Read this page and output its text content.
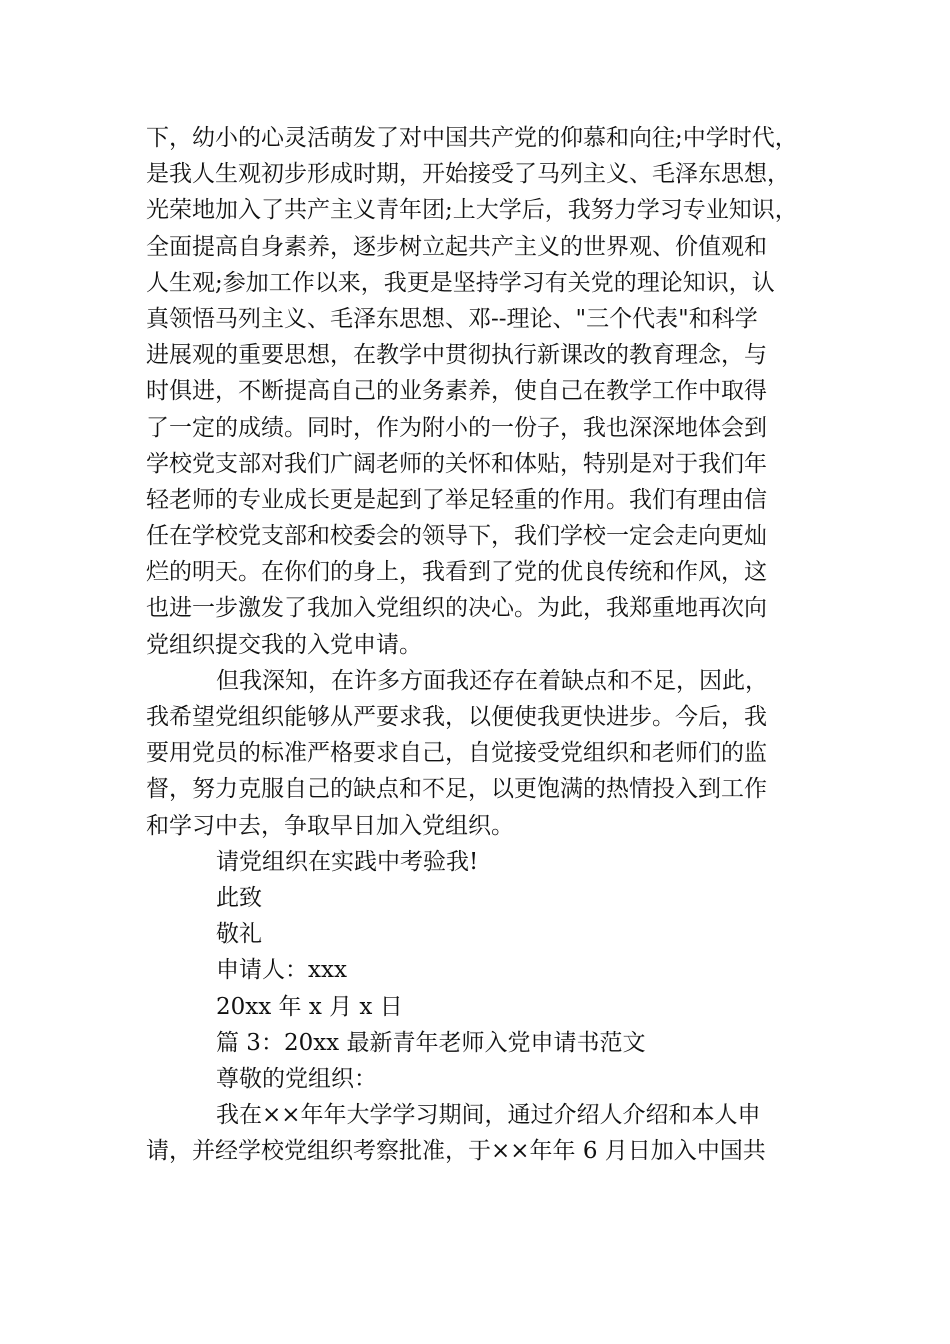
下，幼小的心灵活萌发了对中国共产党的仰慕和向往;中学时代，
是我人生观初步形成时期，开始接受了马列主义、毛泽东思想，
光荣地加入了共产主义青年团;上大学后，我努力学习专业知识，
全面提高自身素养，逐步树立起共产主义的世界观、价值观和
人生观;参加工作以来，我更是坚持学习有关党的理论知识，认
真领悟马列主义、毛泽东思想、邓--理论、"三个代表"和科学
进展观的重要思想，在教学中贯彻执行新课改的教育理念，与
时俱进，不断提高自己的业务素养，使自己在教学工作中取得
了一定的成绩。同时，作为附小的一份子，我也深深地体会到
学校党支部对我们广阔老师的关怀和体贴，特别是对于我们年
轻老师的专业成长更是起到了举足轻重的作用。我们有理由信
任在学校党支部和校委会的领导下，我们学校一定会走向更灿
烂的明天。在你们的身上，我看到了党的优良传统和作风，这
也进一步激发了我加入党组织的决心。为此，我郑重地再次向
党组织提交我的入党申请。
但我深知，在许多方面我还存在着缺点和不足，因此，
我希望党组织能够从严要求我，以便使我更快进步。今后，我
要用党员的标准严格要求自己，自觉接受党组织和老师们的监
督，努力克服自己的缺点和不足，以更饱满的热情投入到工作
和学习中去，争取早日加入党组织。
请党组织在实践中考验我!
此致
敬礼
申请人：xxx
20xx 年 x 月 x 日
篇 3：20xx 最新青年老师入党申请书范文
尊敬的党组织：
我在××年年大学学习期间，通过介绍人介绍和本人申
请，并经学校党组织考察批准，于××年年 6 月日加入中国共
